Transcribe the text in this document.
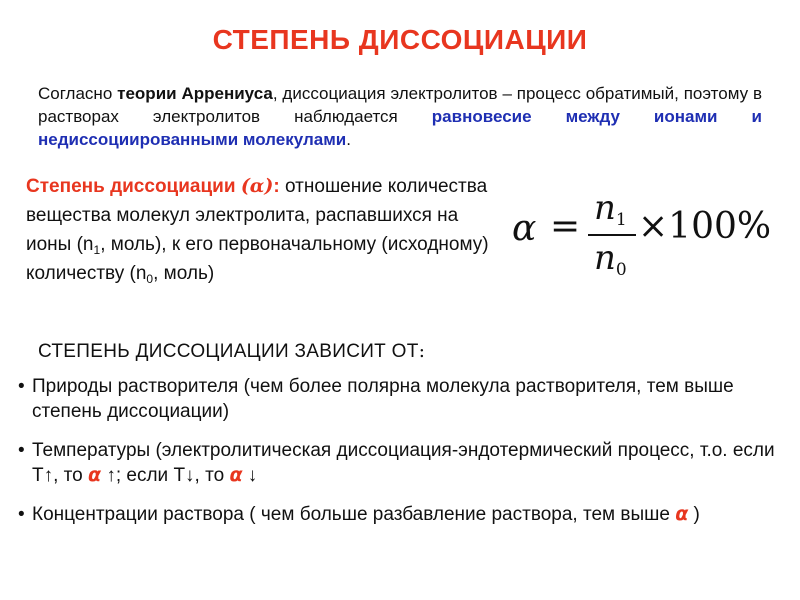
СТЕПЕНЬ ДИССОЦИАЦИИ
Согласно теории Аррениуса, диссоциация электролитов – процесс обратимый, поэтому в растворах электролитов наблюдается равновесие между ионами и недиссоциированными молекулами.
Степень диссоциации (α): отношение количества вещества молекул электролита, распавшихся на ионы ($n_1$, моль), к его первоначальному (исходному) количеству ($n_0$, моль)
$\alpha = n_1$
$n_0$
×100%
СТЕПЕНЬ ДИССОЦИАЦИИ ЗАВИСИТ ОТ:
• Природы растворителя (чем более полярна молекула растворителя, тем выше степень диссоциации)
• Температуры (электролитическая диссоциация-эндотермический процесс, т.о. если Т↑, то α ↑; если Т↓, то α ↓
• Концентрации раствора ( чем больше разбавление раствора, тем выше α )
